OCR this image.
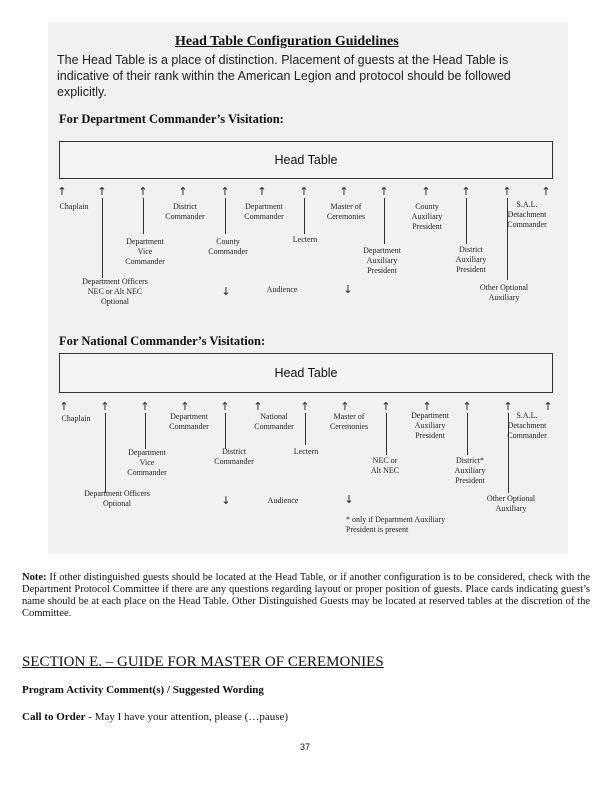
Head Table Configuration Guidelines
The Head Table is a place of distinction. Placement of guests at the Head Table is indicative of their rank within the American Legion and protocol should be followed explicitly.
For Department Commander’s Visitation:
Head Table
↑	↑	↑	↑	↑	↑	↑	↑	↑	↑	↑	↑	↑
Chaplain	District
Commander
Department
Commander
Master of
Ceremonies
County
Auxiliary
President
S.A.L.
Detachment
Commander
Department
Vice
Commander
County
Commander
Lectern
Department
Auxiliary
President
District
Auxiliary
President
Department Officers
NEC or Alt NEC
Optional
↓	Audience	↓	Other Optional
Auxiliary
For National Commander’s Visitation:
Head Table
↑	↑	↑	↑	↑ ↑	↑	↑	↑	↑	↑	↑	↑
Chaplain	Department
Commander
National
Commander
Master of
Ceremonies
Department
Auxiliary
President
S.A.L.
Detachment
Commander
Department
Vice
Commander
District
Commander
Lectern
NEC or
Alt NEC
District*
Auxiliary
President
Department Officers
Optional	↓	Audience	↓	Other Optional
Auxiliary
* only if Department Auxiliary
President is present
Note: If other distinguished guests should be located at the Head Table, or if another configuration is to be considered, check with the Department Protocol Committee if there are any questions regarding layout or proper position of guests. Place cards indicating guest’s name should be at each place on the Head Table. Other Distinguished Guests may be located at reserved tables at the discretion of the Committee.
SECTION E. – GUIDE FOR MASTER OF CEREMONIES
Program Activity Comment(s) / Suggested Wording
Call to Order - May I have your attention, please (…pause)
37
